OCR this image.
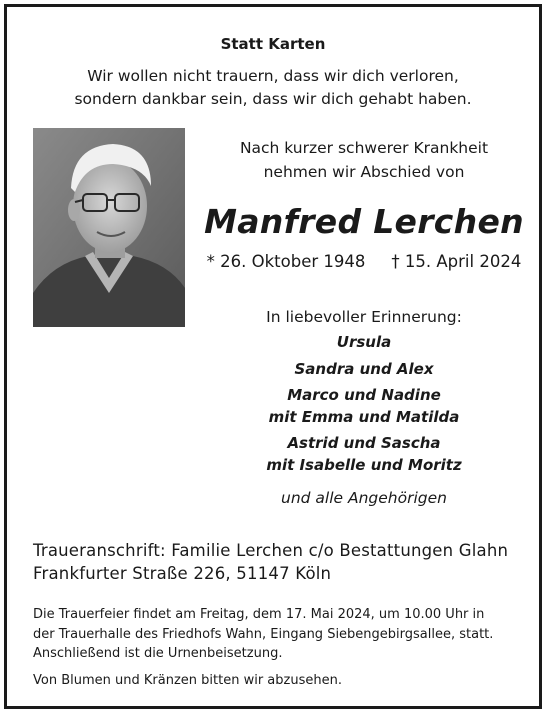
Statt Karten
Wir wollen nicht trauern, dass wir dich verloren,
sondern dankbar sein, dass wir dich gehabt haben.
Nach kurzer schwerer Krankheit
nehmen wir Abschied von
Manfred Lerchen
* 26. Oktober 1948 † 15. April 2024
In liebevoller Erinnerung:
Ursula
Sandra und Alex
Marco und Nadine
mit Emma und Matilda
Astrid und Sascha
mit Isabelle und Moritz
und alle Angehörigen
Traueranschrift: Familie Lerchen c/o Bestattungen Glahn
Frankfurter Straße 226, 51147 Köln
Die Trauerfeier findet am Freitag, dem 17. Mai 2024, um 10.00 Uhr in
der Trauerhalle des Friedhofs Wahn, Eingang Siebengebirgsallee, statt.
Anschließend ist die Urnenbeisetzung.
Von Blumen und Kränzen bitten wir abzusehen.
